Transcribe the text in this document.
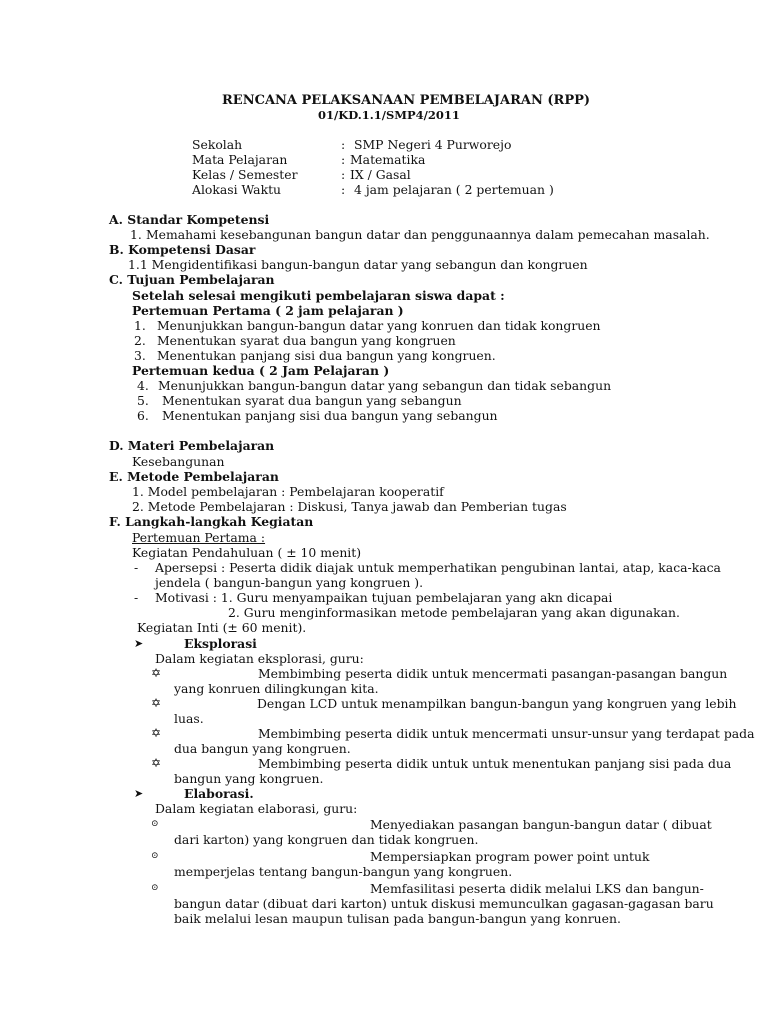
RENCANA PELAKSANAAN PEMBELAJARAN (RPP)
01/KD.1.1/SMP4/2011
Sekolah	: SMP Negeri 4 Purworejo
Mata Pelajaran	: Matematika
Kelas / Semester	: IX / Gasal
Alokasi Waktu	: 4 jam pelajaran ( 2 pertemuan )
A. Standar Kompetensi
1. Memahami kesebangunan bangun datar dan penggunaannya dalam pemecahan masalah.
B. Kompetensi Dasar
1.1 Mengidentifikasi bangun-bangun datar yang sebangun dan kongruen
C. Tujuan Pembelajaran
Setelah selesai mengikuti pembelajaran siswa dapat :
Pertemuan Pertama ( 2 jam pelajaran )
1. Menunjukkan bangun-bangun datar yang konruen dan tidak kongruen
2. Menentukan syarat dua bangun yang kongruen
3. Menentukan panjang sisi dua bangun yang kongruen.
Pertemuan kedua ( 2 Jam Pelajaran )
4. Menunjukkan bangun-bangun datar yang sebangun dan tidak sebangun
5. Menentukan syarat dua bangun yang sebangun
6. Menentukan panjang sisi dua bangun yang sebangun
D. Materi Pembelajaran
Kesebangunan
E. Metode Pembelajaran
1. Model pembelajaran : Pembelajaran kooperatif
2. Metode Pembelajaran : Diskusi, Tanya jawab dan Pemberian tugas
F. Langkah-langkah Kegiatan
Pertemuan Pertama :
Kegiatan Pendahuluan ( ± 10 menit)
- Apersepsi : Peserta didik diajak untuk memperhatikan pengubinan lantai, atap, kaca-kaca
jendela ( bangun-bangun yang kongruen ).
- Motivasi : 1. Guru menyampaikan tujuan pembelajaran yang akn dicapai
2. Guru menginformasikan metode pembelajaran yang akan digunakan.
Kegiatan Inti (± 60 menit).
➤	Eksplorasi
Dalam kegiatan eksplorasi, guru:
✡	Membimbing peserta didik untuk mencermati pasangan-pasangan bangun
yang konruen dilingkungan kita.
✡	Dengan LCD untuk menampilkan bangun-bangun yang kongruen yang lebih
luas.
✡	Membimbing peserta didik untuk mencermati unsur-unsur yang terdapat pada
dua bangun yang kongruen.
✡	Membimbing peserta didik untuk untuk menentukan panjang sisi pada dua
bangun yang kongruen.
➤	Elaborasi.
Dalam kegiatan elaborasi, guru:
⊙	Menyediakan pasangan bangun-bangun datar ( dibuat
dari karton) yang kongruen dan tidak kongruen.
⊙	Mempersiapkan program power point untuk
memperjelas tentang bangun-bangun yang kongruen.
⊙	Memfasilitasi peserta didik melalui LKS dan bangun-
bangun datar (dibuat dari karton) untuk diskusi memunculkan gagasan-gagasan baru
baik melalui lesan maupun tulisan pada bangun-bangun yang konruen.
